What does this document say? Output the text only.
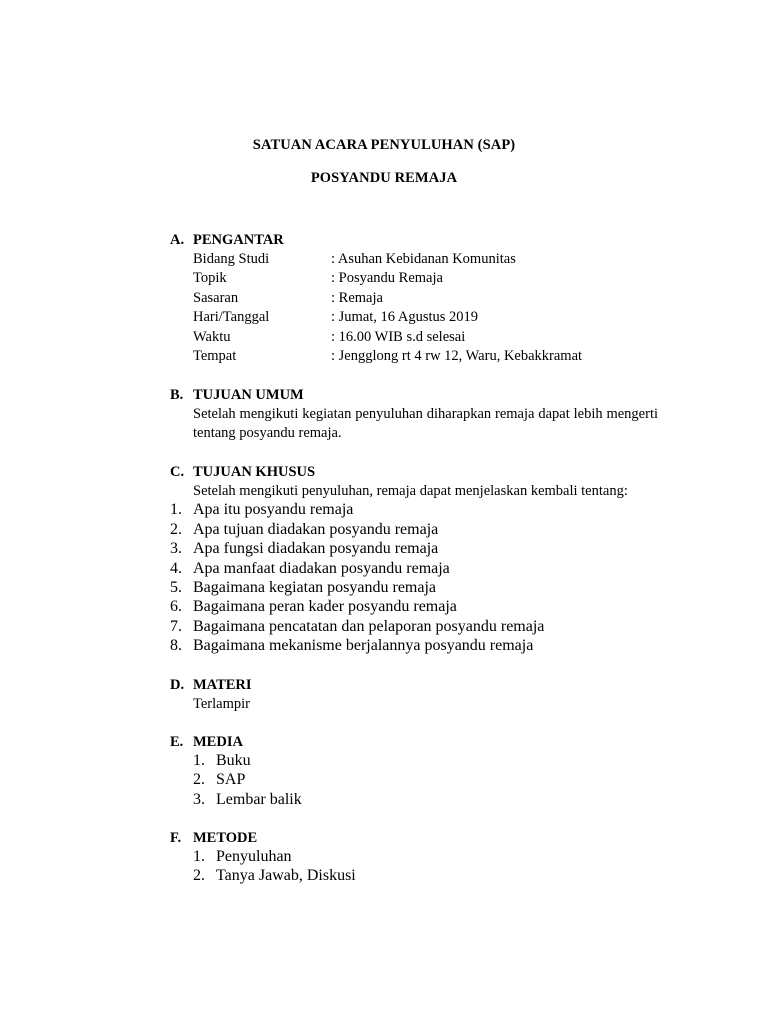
SATUAN ACARA PENYULUHAN (SAP)
POSYANDU REMAJA
A. PENGANTAR
Bidang Studi	: Asuhan Kebidanan Komunitas
Topik	: Posyandu Remaja
Sasaran	: Remaja
Hari/Tanggal	: Jumat, 16 Agustus 2019
Waktu	: 16.00 WIB s.d selesai
Tempat	: Jengglong rt 4 rw 12, Waru, Kebakkramat
B. TUJUAN UMUM
Setelah mengikuti kegiatan penyuluhan diharapkan remaja dapat lebih mengerti tentang posyandu remaja.
C. TUJUAN KHUSUS
Setelah mengikuti penyuluhan, remaja dapat menjelaskan kembali tentang:
1. Apa itu posyandu remaja
2. Apa tujuan diadakan posyandu remaja
3. Apa fungsi diadakan posyandu remaja
4. Apa manfaat diadakan posyandu remaja
5. Bagaimana kegiatan posyandu remaja
6. Bagaimana peran kader posyandu remaja
7. Bagaimana pencatatan dan pelaporan posyandu remaja
8. Bagaimana mekanisme berjalannya posyandu remaja
D. MATERI
Terlampir
E. MEDIA
1. Buku
2. SAP
3. Lembar balik
F. METODE
1. Penyuluhan
2. Tanya Jawab, Diskusi
